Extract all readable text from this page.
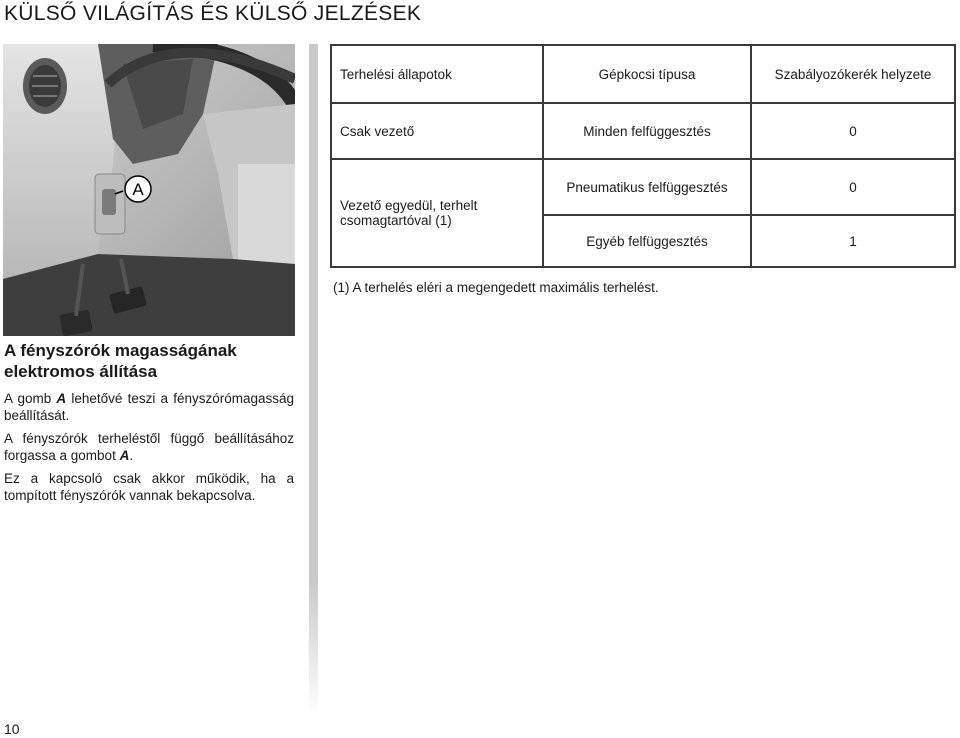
KÜLSŐ VILÁGÍTÁS ÉS KÜLSŐ JELZÉSEK
A
Terhelési állapotok	Gépkocsi típusa	Szabályozókerék helyzete
Csak vezető	Minden felfüggesztés	0
Vezető egyedül, terhelt csomagtartóval (1)	Pneumatikus felfüggesztés	0
	Egyéb felfüggesztés	1

(1) A terhelés eléri a megengedett maximális terhelést.

A fényszórók magasságának elektromos állítása

A gomb A lehetővé teszi a fényszórómagasság beállítását.

A fényszórók terheléstől függő beállításához forgassa a gombot A.

Ez a kapcsoló csak akkor működik, ha a tompított fényszórók vannak bekapcsolva.

10
